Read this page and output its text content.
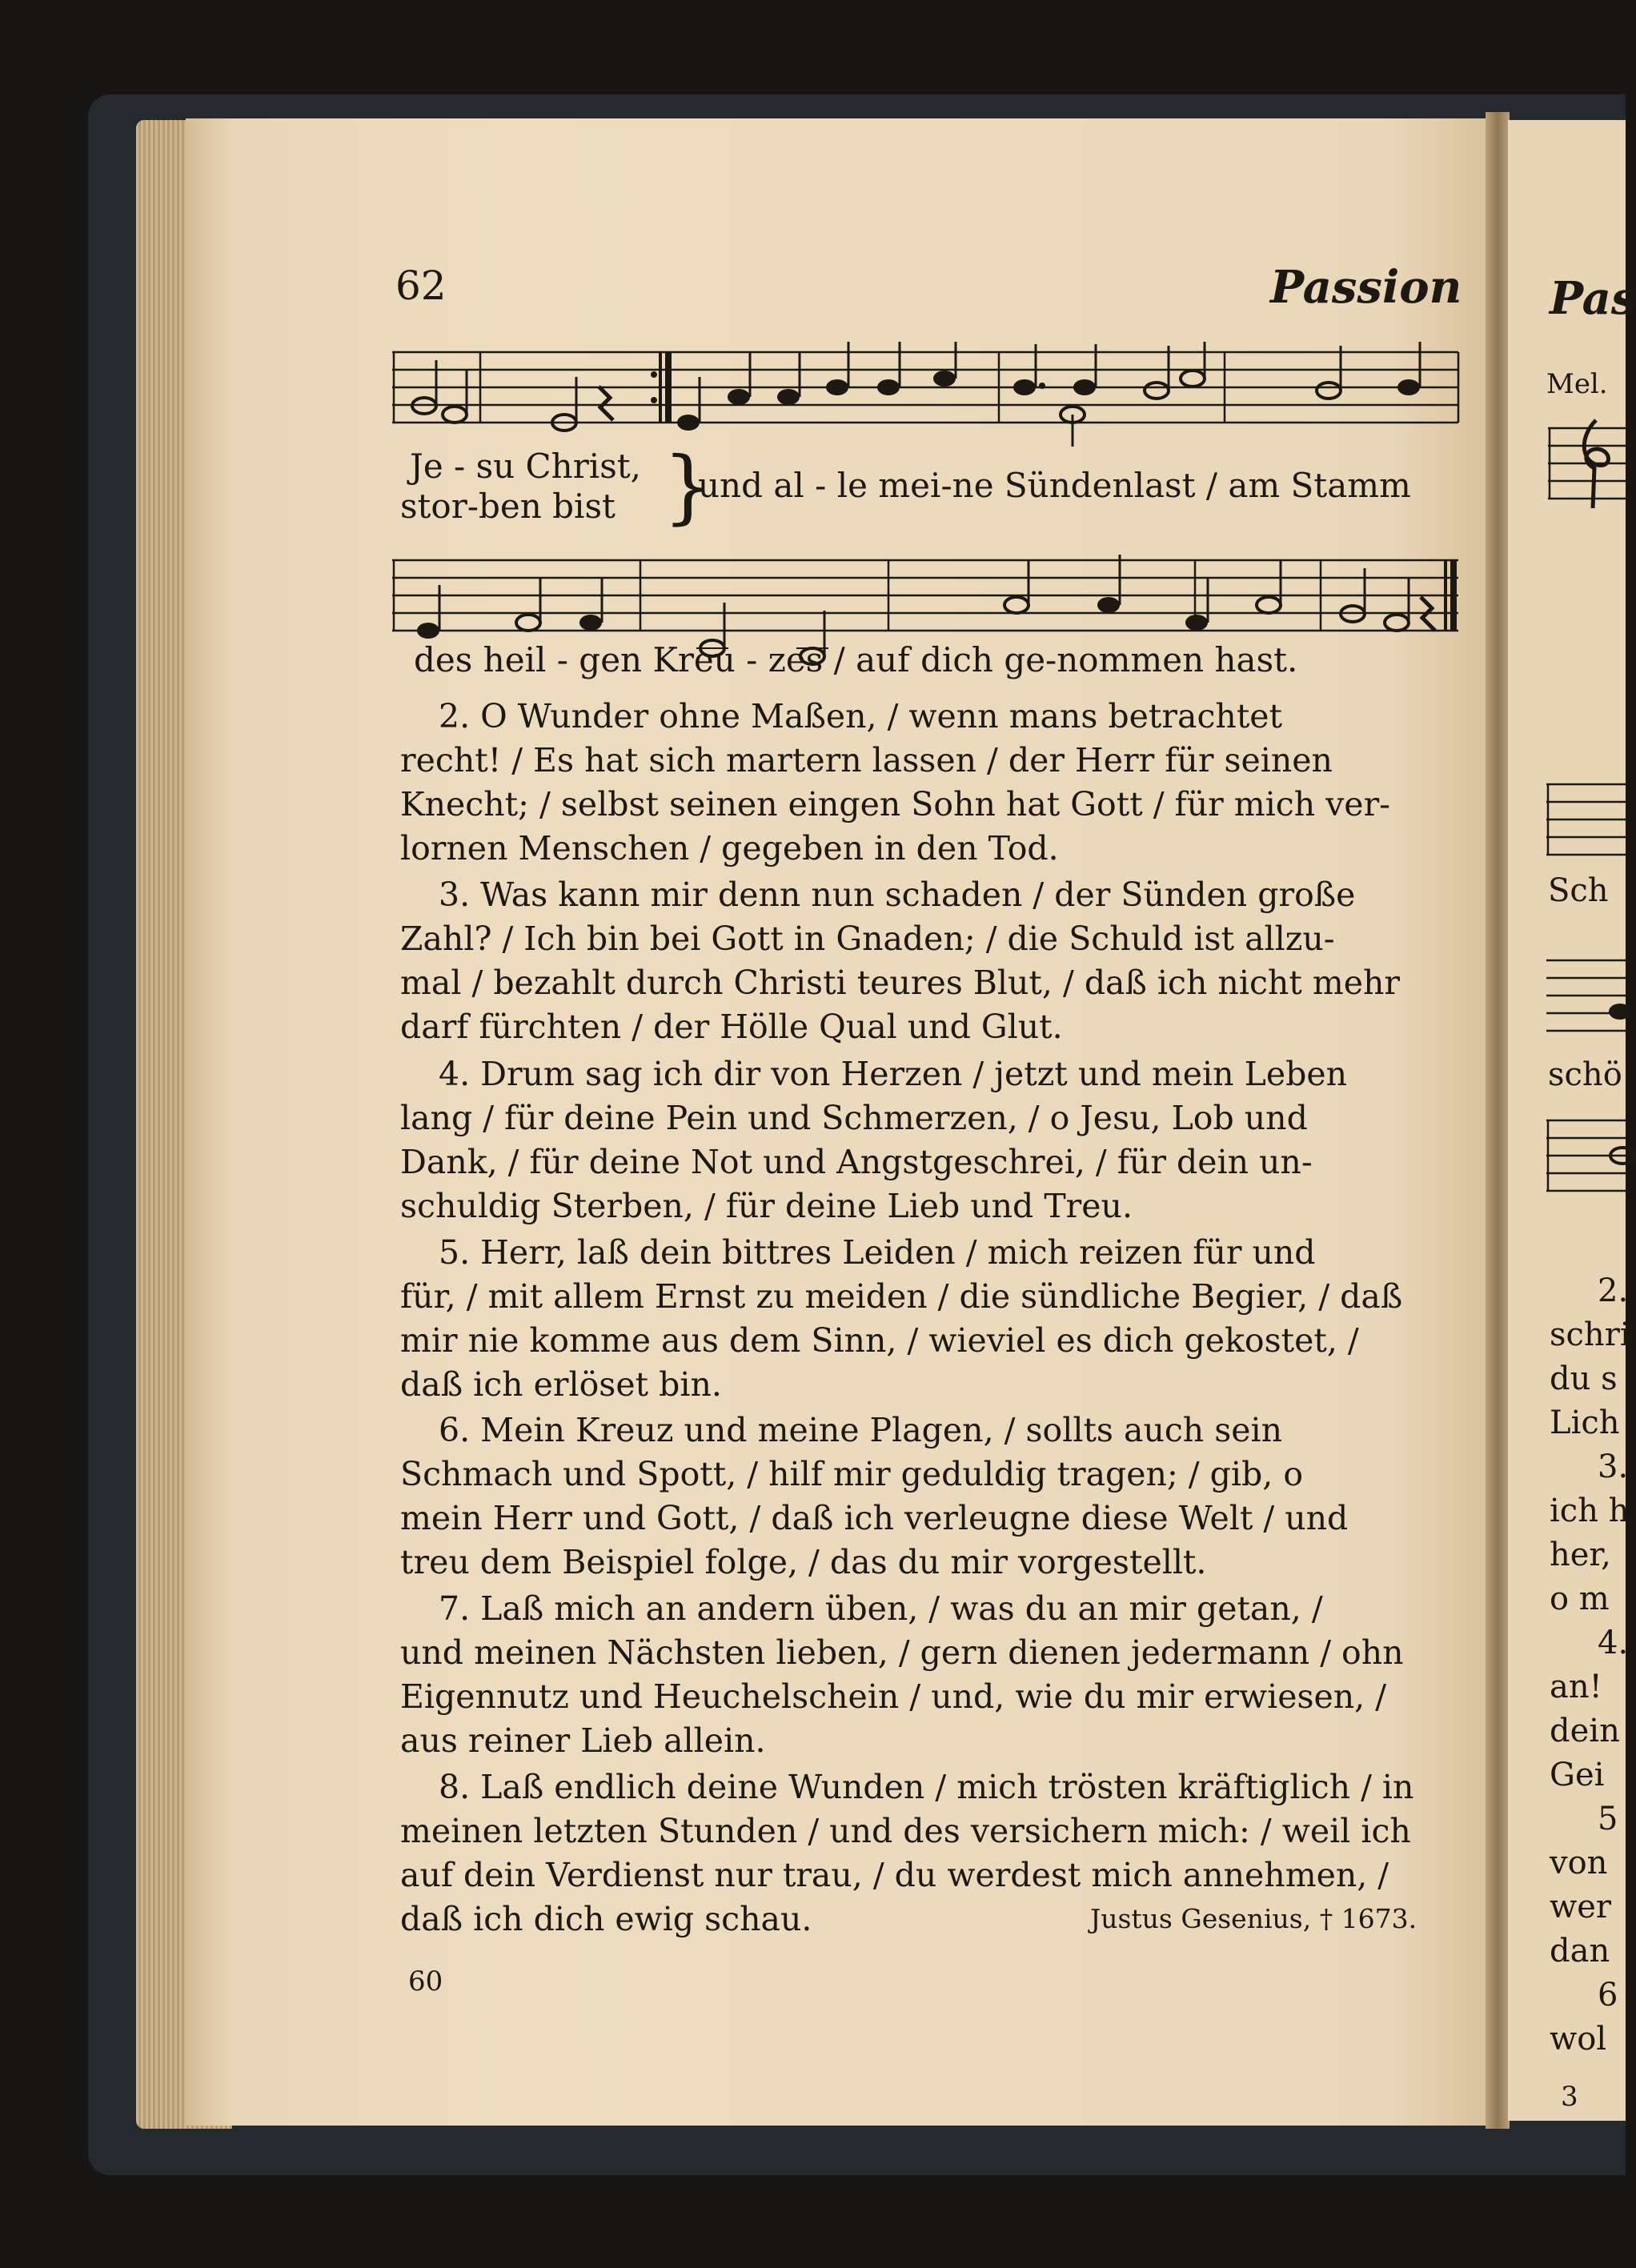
62	Passion
Je - su Christ,
stor-ben bist }
und al - le mei-ne Sündenlast / am Stamm
des heil - gen Kreu - zes / auf dich ge-nommen hast.
2. O Wunder ohne Maßen, / wenn mans betrachtet
recht! / Es hat sich martern lassen / der Herr für seinen
Knecht; / selbst seinen eingen Sohn hat Gott / für mich ver-
lornen Menschen / gegeben in den Tod.
3. Was kann mir denn nun schaden / der Sünden große
Zahl? / Ich bin bei Gott in Gnaden; / die Schuld ist allzu-
mal / bezahlt durch Christi teures Blut, / daß ich nicht mehr
darf fürchten / der Hölle Qual und Glut.
4. Drum sag ich dir von Herzen / jetzt und mein Leben
lang / für deine Pein und Schmerzen, / o Jesu, Lob und
Dank, / für deine Not und Angstgeschrei, / für dein un-
schuldig Sterben, / für deine Lieb und Treu.
5. Herr, laß dein bittres Leiden / mich reizen für und
für, / mit allem Ernst zu meiden / die sündliche Begier, / daß
mir nie komme aus dem Sinn, / wieviel es dich gekostet, /
daß ich erlöset bin.
6. Mein Kreuz und meine Plagen, / sollts auch sein
Schmach und Spott, / hilf mir geduldig tragen; / gib, o
mein Herr und Gott, / daß ich verleugne diese Welt / und
treu dem Beispiel folge, / das du mir vorgestellt.
7. Laß mich an andern üben, / was du an mir getan, /
und meinen Nächsten lieben, / gern dienen jedermann / ohn
Eigennutz und Heuchelschein / und, wie du mir erwiesen, /
aus reiner Lieb allein.
8. Laß endlich deine Wunden / mich trösten kräftiglich / in
meinen letzten Stunden / und des versichern mich: / weil ich
auf dein Verdienst nur trau, / du werdest mich annehmen, /
daß ich dich ewig schau.	Justus Gesenius, † 1673.
60
Pas
Mel.
Sch
schö
2.
schri
du s
Lich
3.
ich h
her,
o m
4.
an!
dein
Gei
5
von
wer
dan
6
wol
3
